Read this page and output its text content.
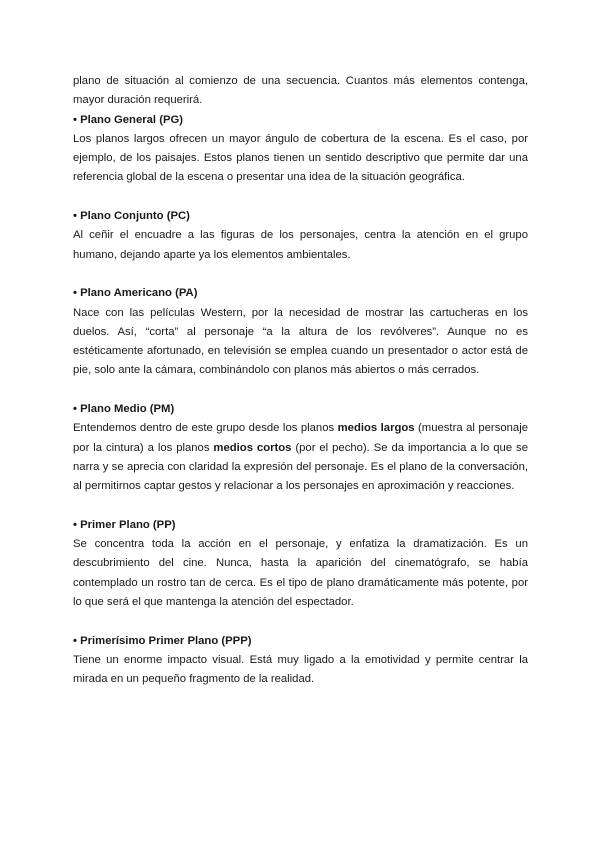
plano de situación al comienzo de una secuencia. Cuantos más elementos contenga, mayor duración requerirá.

• Plano General (PG)

Los planos largos ofrecen un mayor ángulo de cobertura de la escena. Es el caso, por ejemplo, de los paisajes. Estos planos tienen un sentido descriptivo que permite dar una referencia global de la escena o presentar una idea de la situación geográfica.

• Plano Conjunto (PC)

Al ceñir el encuadre a las figuras de los personajes, centra la atención en el grupo humano, dejando aparte ya los elementos ambientales.

• Plano Americano (PA)

Nace con las películas Western, por la necesidad de mostrar las cartucheras en los duelos. Así, “corta” al personaje “a la altura de los revólveres”. Aunque no es estéticamente afortunado, en televisión se emplea cuando un presentador o actor está de pie, solo ante la cámara, combinándolo con planos más abiertos o más cerrados.

• Plano Medio (PM)

Entendemos dentro de este grupo desde los planos medios largos (muestra al personaje por la cintura) a los planos medios cortos (por el pecho). Se da importancia a lo que se narra y se aprecia con claridad la expresión del personaje. Es el plano de la conversación, al permitirnos captar gestos y relacionar a los personajes en aproximación y reacciones.

• Primer Plano (PP)

Se concentra toda la acción en el personaje, y enfatiza la dramatización. Es un descubrimiento del cine. Nunca, hasta la aparición del cinematógrafo, se había contemplado un rostro tan de cerca. Es el tipo de plano dramáticamente más potente, por lo que será el que mantenga la atención del espectador.

• Primerísimo Primer Plano (PPP)

Tiene un enorme impacto visual. Está muy ligado a la emotividad y permite centrar la mirada en un pequeño fragmento de la realidad.
